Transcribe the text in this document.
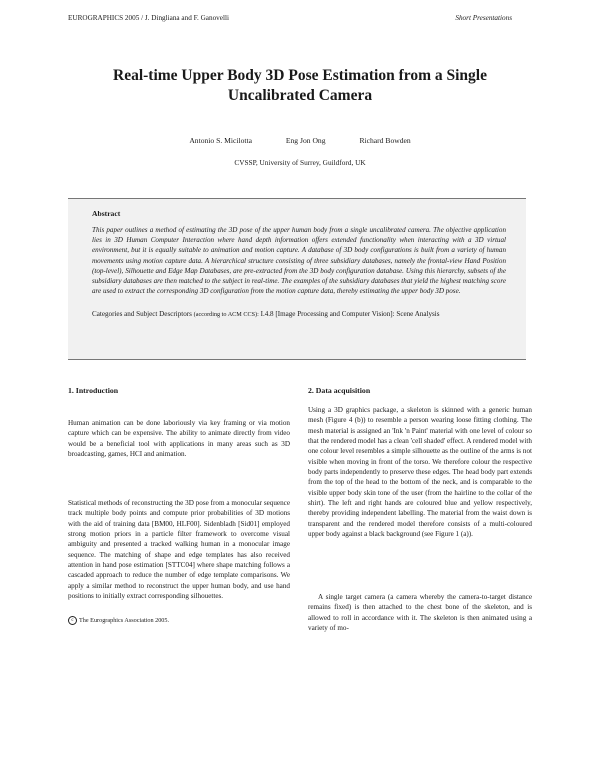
EUROGRAPHICS 2005 / J. Dingliana and F. Ganovelli	Short Presentations
Real-time Upper Body 3D Pose Estimation from a Single
Uncalibrated Camera
Antonio S. Micilotta	Eng Jon Ong	Richard Bowden
CVSSP, University of Surrey, Guildford, UK
Abstract
This paper outlines a method of estimating the 3D pose of the upper human body from a single uncalibrated camera. The objective application lies in 3D Human Computer Interaction where hand depth information offers extended functionality when interacting with a 3D virtual environment, but it is equally suitable to animation and motion capture. A database of 3D body configurations is built from a variety of human movements using motion capture data. A hierarchical structure consisting of three subsidiary databases, namely the frontal-view Hand Position (top-level), Silhouette and Edge Map Databases, are pre-extracted from the 3D body configuration database. Using this hierarchy, subsets of the subsidiary databases are then matched to the subject in real-time. The examples of the subsidiary databases that yield the highest matching score are used to extract the corresponding 3D configuration from the motion capture data, thereby estimating the upper body 3D pose.
Categories and Subject Descriptors (according to ACM CCS): I.4.8 [Image Processing and Computer Vision]: Scene Analysis
1. Introduction	2. Data acquisition
Human animation can be done laboriously via key framing or via motion capture which can be expensive. The ability to animate directly from video would be a beneficial tool with applications in many areas such as 3D broadcasting, games, HCI and animation.
Statistical methods of reconstructing the 3D pose from a monocular sequence track multiple body points and compute prior probabilities of 3D motions with the aid of training data [BM00, HLF00]. Sidenbladh [Sid01] employed strong motion priors in a particle filter framework to overcome visual ambiguity and presented a tracked walking human in a monocular image sequence. The matching of shape and edge templates has also received attention in hand pose estimation [STTC04] where shape matching follows a cascaded approach to reduce the number of edge template comparisons. We apply a similar method to reconstruct the upper human body, and use hand positions to initially extract corresponding silhouettes.
Using a 3D graphics package, a skeleton is skinned with a generic human mesh (Figure 4 (b)) to resemble a person wearing loose fitting clothing. The mesh material is assigned an 'Ink 'n Paint' material with one level of colour so that the rendered model has a clean 'cell shaded' effect. A rendered model with one colour level resembles a simple silhouette as the outline of the arms is not visible when moving in front of the torso. We therefore colour the respective body parts independently to preserve these edges. The head body part extends from the top of the head to the bottom of the neck, and is comparable to the visible upper body skin tone of the user (from the hairline to the collar of the shirt). The left and right hands are coloured blue and yellow respectively, thereby providing independent labelling. The material from the waist down is transparent and the rendered model therefore consists of a multi-coloured upper body against a black background (see Figure 1 (a)).
A single target camera (a camera whereby the camera-to-target distance remains fixed) is then attached to the chest bone of the skeleton, and is allowed to roll in accordance with it. The skeleton is then animated using a variety of mo-
c The Eurographics Association 2005.
